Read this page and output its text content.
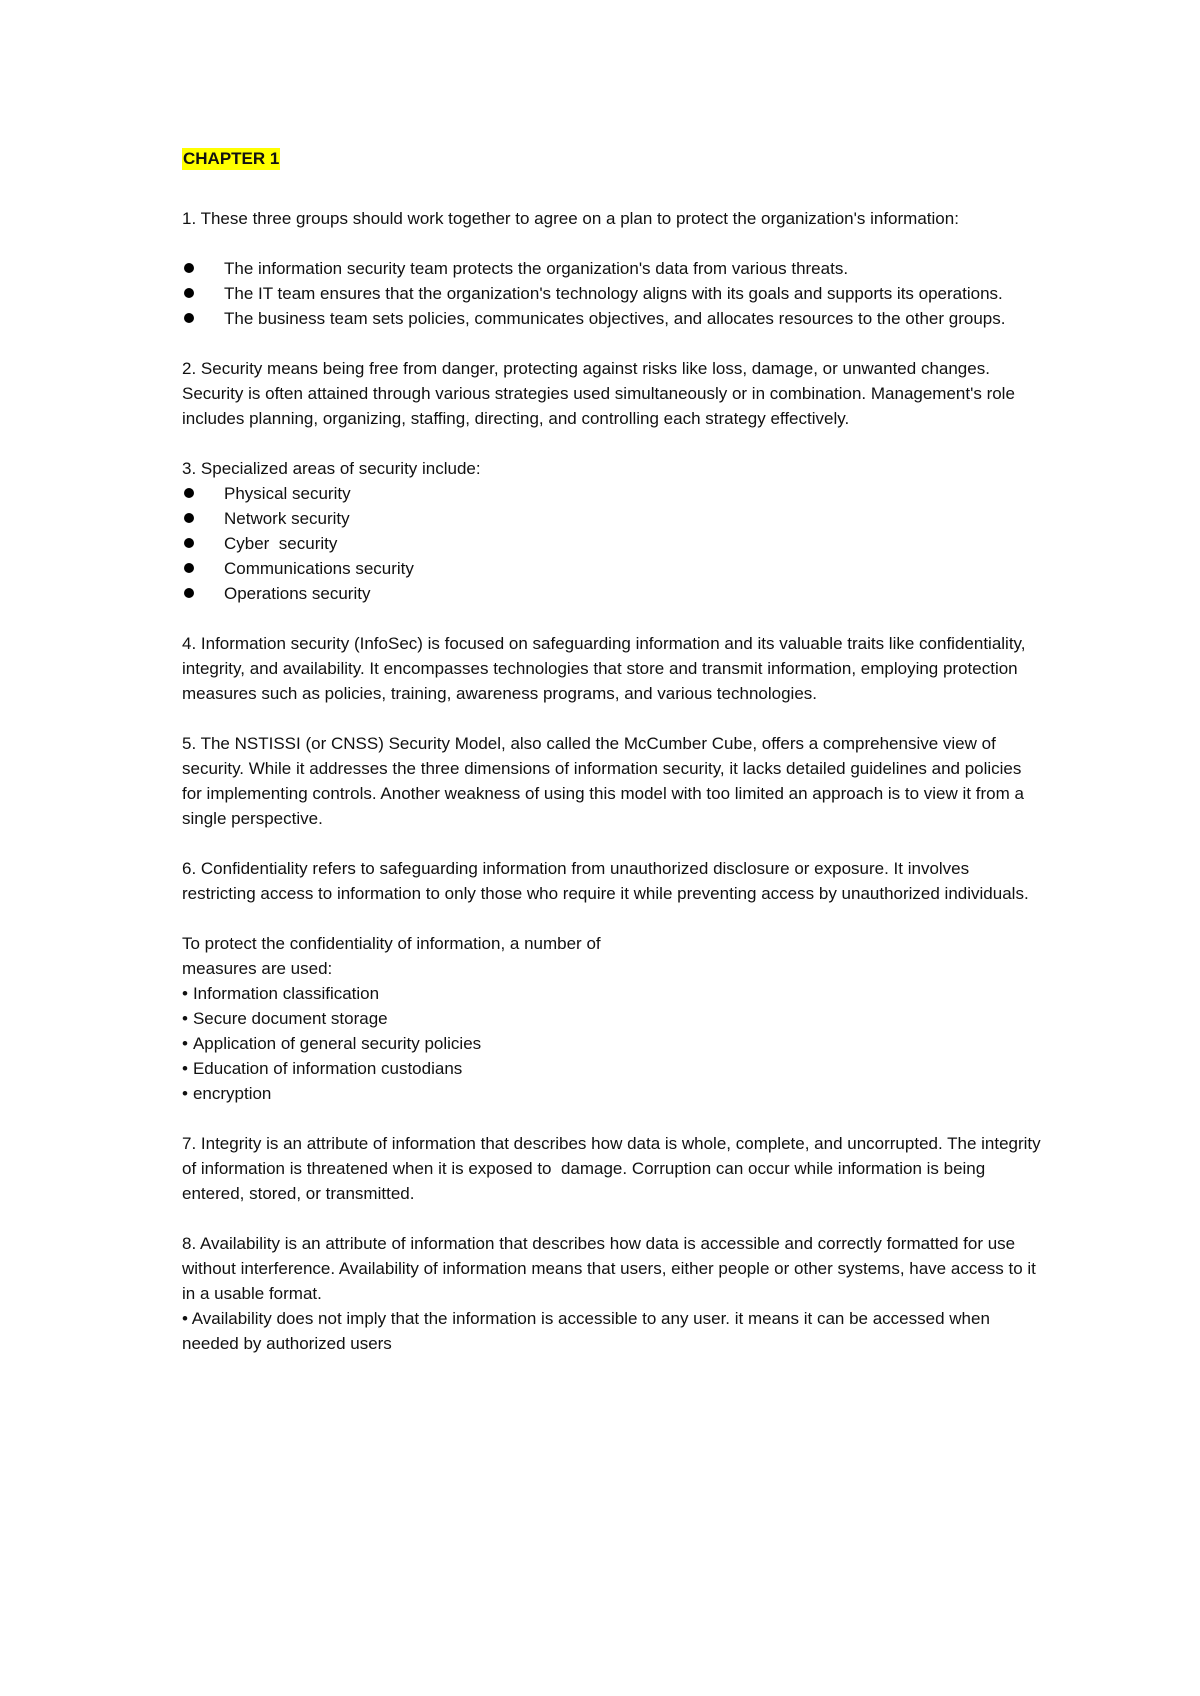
CHAPTER 1

1. These three groups should work together to agree on a plan to protect the organization's information:

The information security team protects the organization's data from various threats.
The IT team ensures that the organization's technology aligns with its goals and supports its operations.
The business team sets policies, communicates objectives, and allocates resources to the other groups.

2. Security means being free from danger, protecting against risks like loss, damage, or unwanted changes. Security is often attained through various strategies used simultaneously or in combination. Management's role includes planning, organizing, staffing, directing, and controlling each strategy effectively.

3. Specialized areas of security include:

Physical security
Network security
Cyber  security
Communications security
Operations security

4. Information security (InfoSec) is focused on safeguarding information and its valuable traits like confidentiality, integrity, and availability. It encompasses technologies that store and transmit information, employing protection measures such as policies, training, awareness programs, and various technologies.

5. The NSTISSI (or CNSS) Security Model, also called the McCumber Cube, offers a comprehensive view of security. While it addresses the three dimensions of information security, it lacks detailed guidelines and policies for implementing controls. Another weakness of using this model with too limited an approach is to view it from a single perspective.

6. Confidentiality refers to safeguarding information from unauthorized disclosure or exposure. It involves restricting access to information to only those who require it while preventing access by unauthorized individuals.

To protect the confidentiality of information, a number of
measures are used:
• Information classification
• Secure document storage
• Application of general security policies
• Education of information custodians
• encryption

7. Integrity is an attribute of information that describes how data is whole, complete, and uncorrupted. The integrity of information is threatened when it is exposed to  damage. Corruption can occur while information is being entered, stored, or transmitted.

8. Availability is an attribute of information that describes how data is accessible and correctly formatted for use without interference. Availability of information means that users, either people or other systems, have access to it in a usable format.

• Availability does not imply that the information is accessible to any user. it means it can be accessed when needed by authorized users
